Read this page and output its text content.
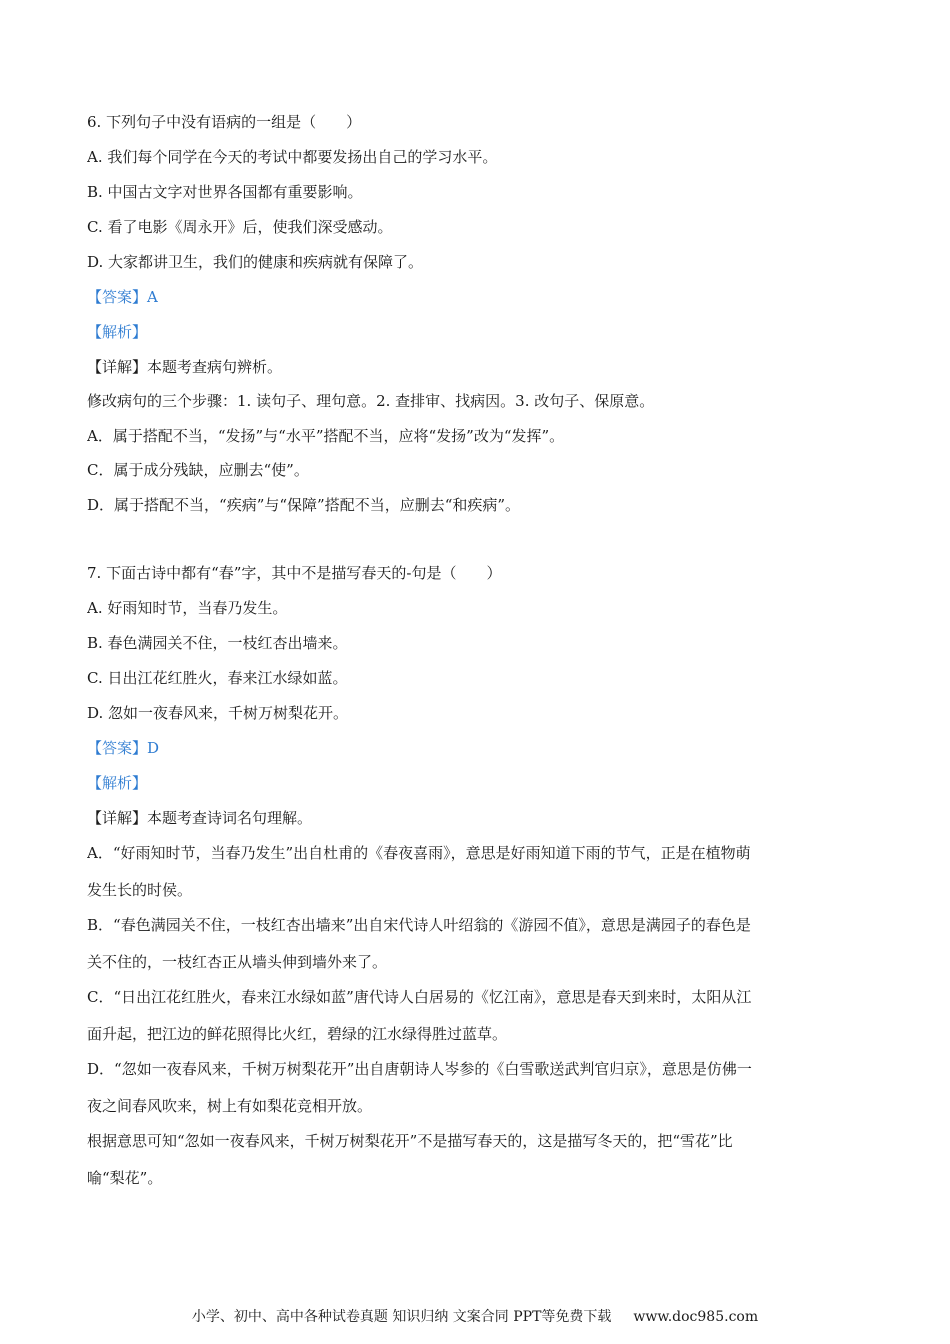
6. 下列句子中没有语病的一组是（　　）
A. 我们每个同学在今天的考试中都要发扬出自己的学习水平。
B. 中国古文字对世界各国都有重要影响。
C. 看了电影《周永开》后，使我们深受感动。
D. 大家都讲卫生，我们的健康和疾病就有保障了。
【答案】A
【解析】
【详解】本题考查病句辨析。
修改病句的三个步骤：1. 读句子、理句意。2. 查排审、找病因。3. 改句子、保原意。
A．属于搭配不当，“发扬”与“水平”搭配不当，应将“发扬”改为“发挥”。
C．属于成分残缺，应删去“使”。
D．属于搭配不当，“疾病”与“保障”搭配不当，应删去“和疾病”。
7. 下面古诗中都有“春”字，其中不是描写春天的-句是（　　）
A. 好雨知时节，当春乃发生。
B. 春色满园关不住，一枝红杏出墙来。
C. 日出江花红胜火，春来江水绿如蓝。
D. 忽如一夜春风来，千树万树梨花开。
【答案】D
【解析】
【详解】本题考查诗词名句理解。
A．“好雨知时节，当春乃发生”出自杜甫的《春夜喜雨》，意思是好雨知道下雨的节气，正是在植物萌
发生长的时侯。
B．“春色满园关不住，一枝红杏出墙来”出自宋代诗人叶绍翁的《游园不值》，意思是满园子的春色是
关不住的，一枝红杏正从墙头伸到墙外来了。
C．“日出江花红胜火，春来江水绿如蓝”唐代诗人白居易的《忆江南》，意思是春天到来时，太阳从江
面升起，把江边的鲜花照得比火红，碧绿的江水绿得胜过蓝草。
D．“忽如一夜春风来，千树万树梨花开”出自唐朝诗人岑参的《白雪歌送武判官归京》，意思是仿佛一
夜之间春风吹来，树上有如梨花竞相开放。
根据意思可知“忽如一夜春风来，千树万树梨花开”不是描写春天的，这是描写冬天的，把“雪花”比
喻“梨花”。
小学、初中、高中各种试卷真题 知识归纳 文案合同 PPT等免费下载 www.doc985.com
